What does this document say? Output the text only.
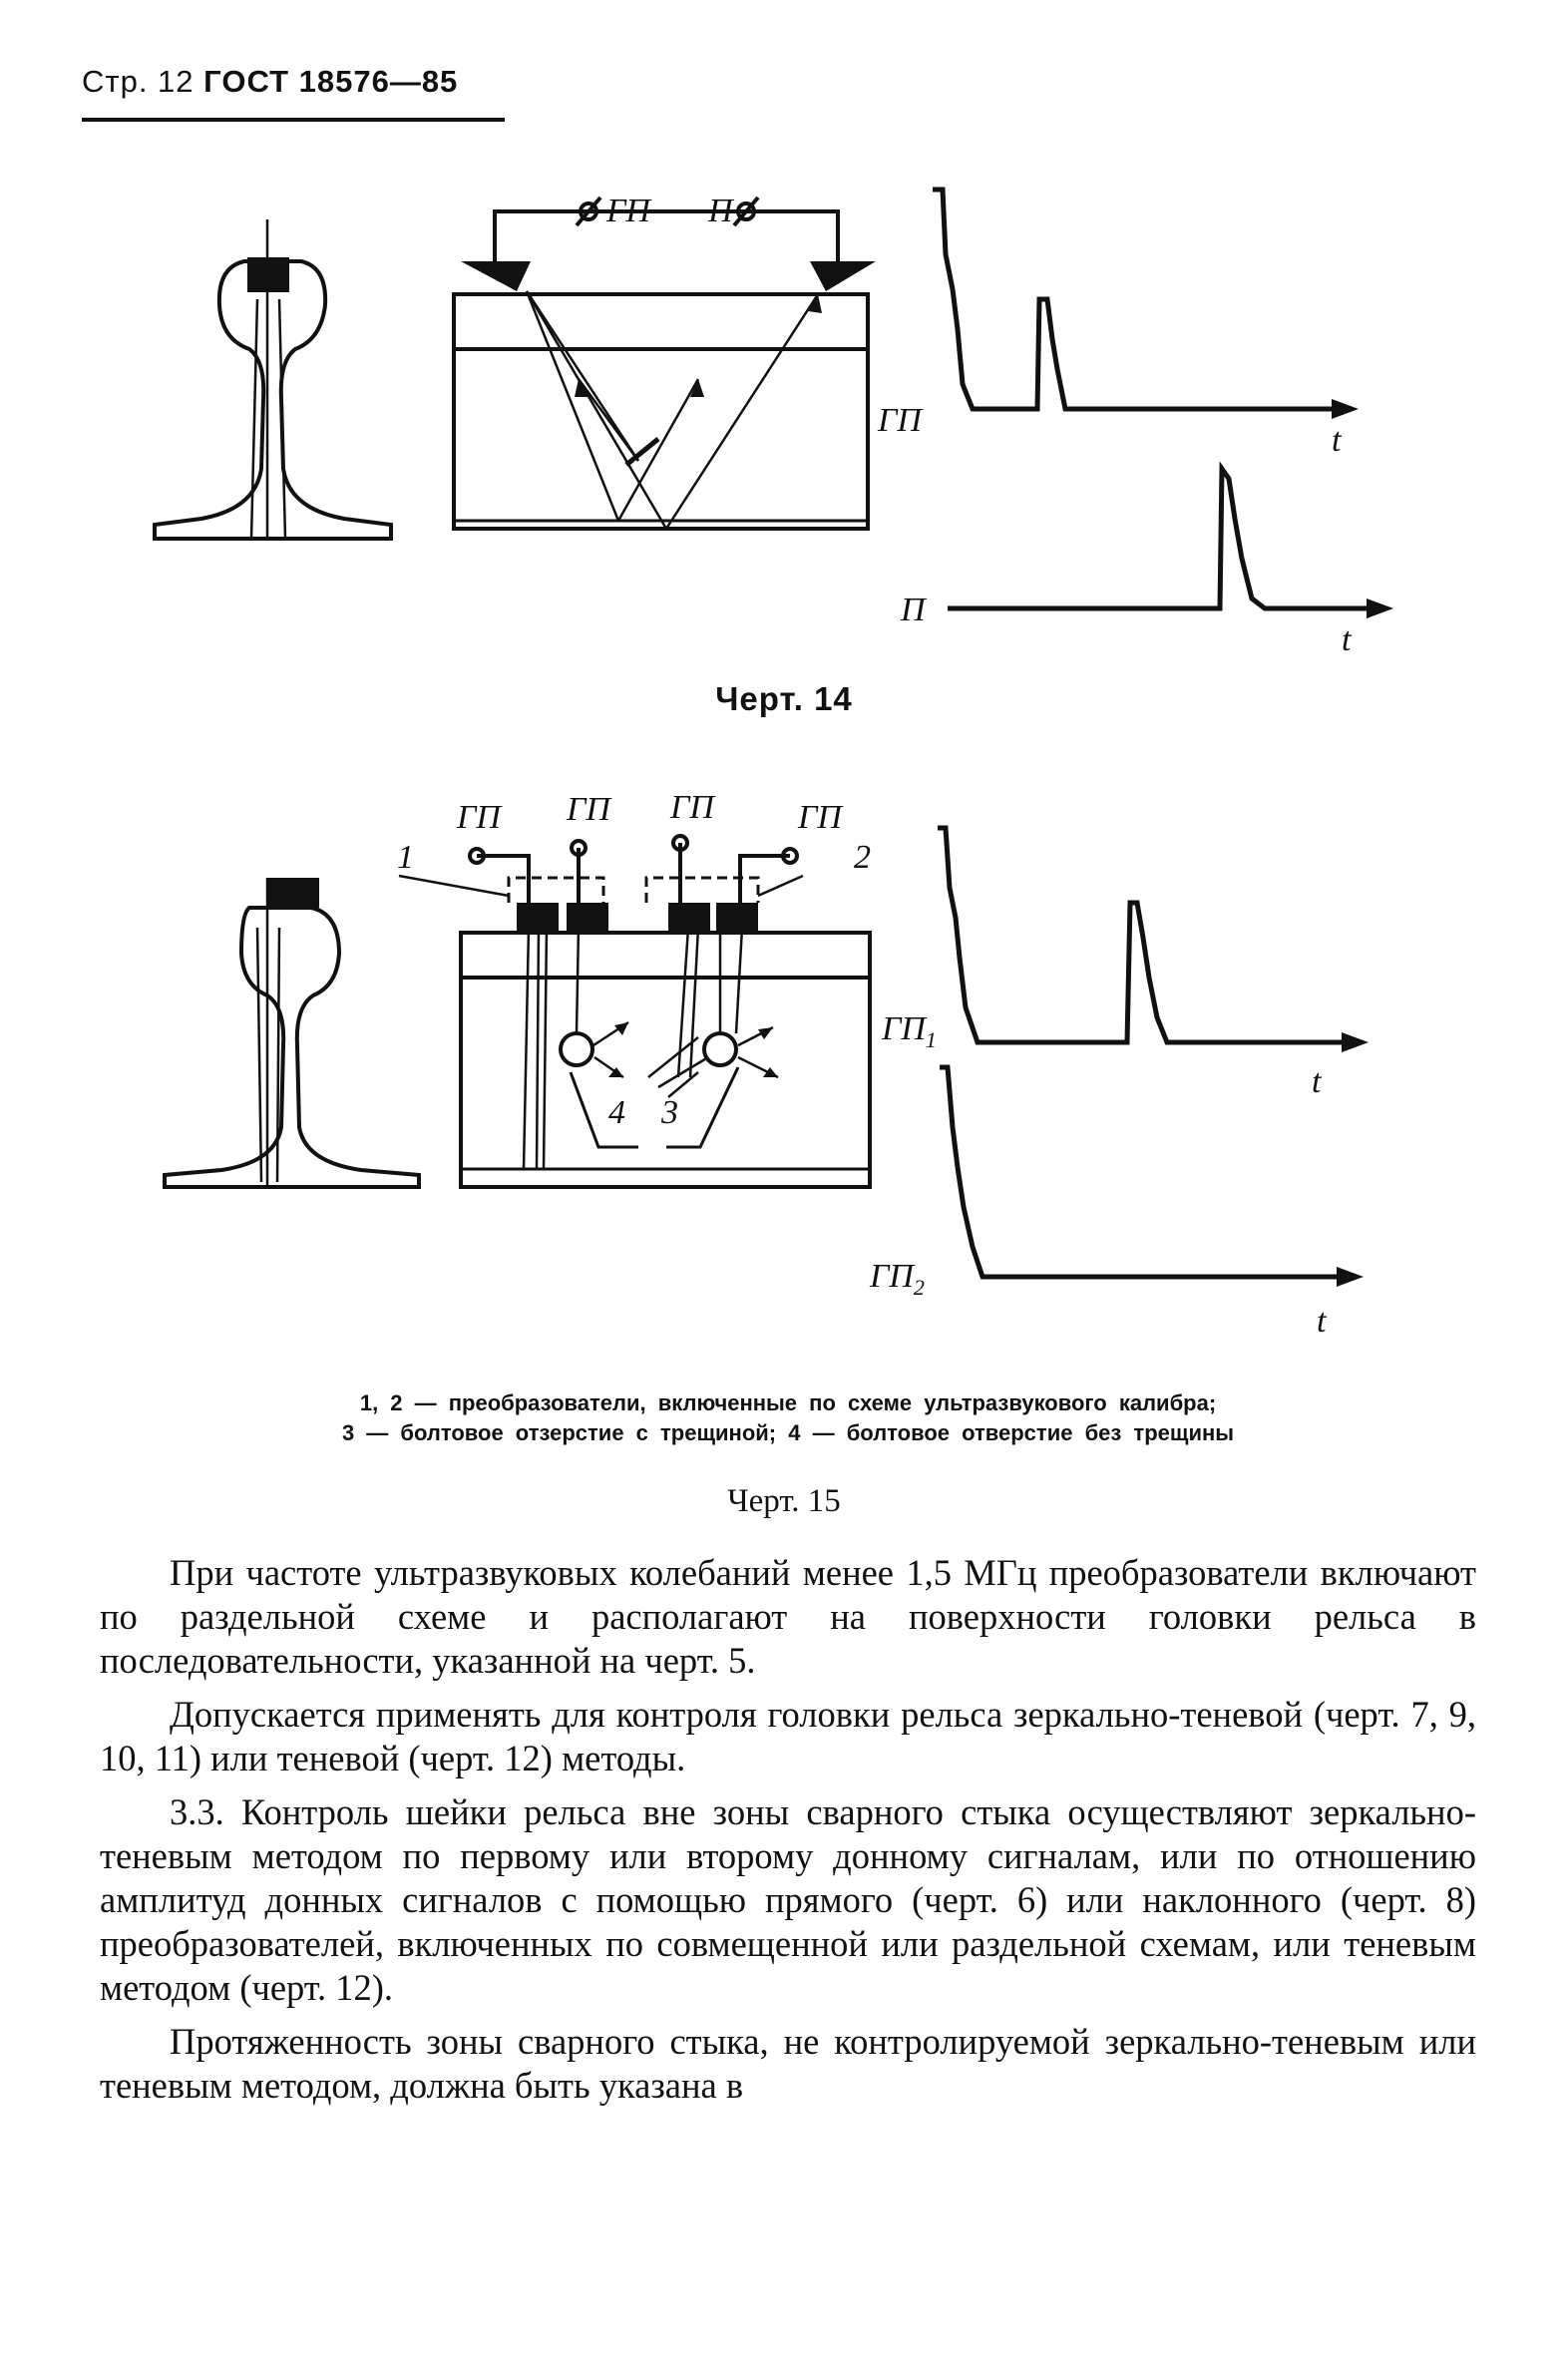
Стр. 12 ГОСТ 18576—85
ГП П
ГП
П
t
t
Черт. 14
ГП ГП ГП ГП
1	2
3
4
$ГП_1$
$ГП_2$
t
t
1, 2 — преобразователи, включенные по схеме ультразвукового калибра;
3 — болтовое отзерстие с трещиной; 4 — болтовое отверстие без трещины
Черт. 15

При частоте ультразвуковых колебаний менее 1,5 МГц преобразователи включают по раздельной схеме и располагают на поверхности головки рельса в последовательности, указанной на черт. 5.

Допускается применять для контроля головки рельса зеркально-теневой (черт. 7, 9, 10, 11) или теневой (черт. 12) методы.

3.3. Контроль шейки рельса вне зоны сварного стыка осуществляют зеркально-теневым методом по первому или второму донному сигналам, или по отношению амплитуд донных сигналов с помощью прямого (черт. 6) или наклонного (черт. 8) преобразователей, включенных по совмещенной или раздельной схемам, или теневым методом (черт. 12).

Протяженность зоны сварного стыка, не контролируемой зеркально-теневым или теневым методом, должна быть указана в
